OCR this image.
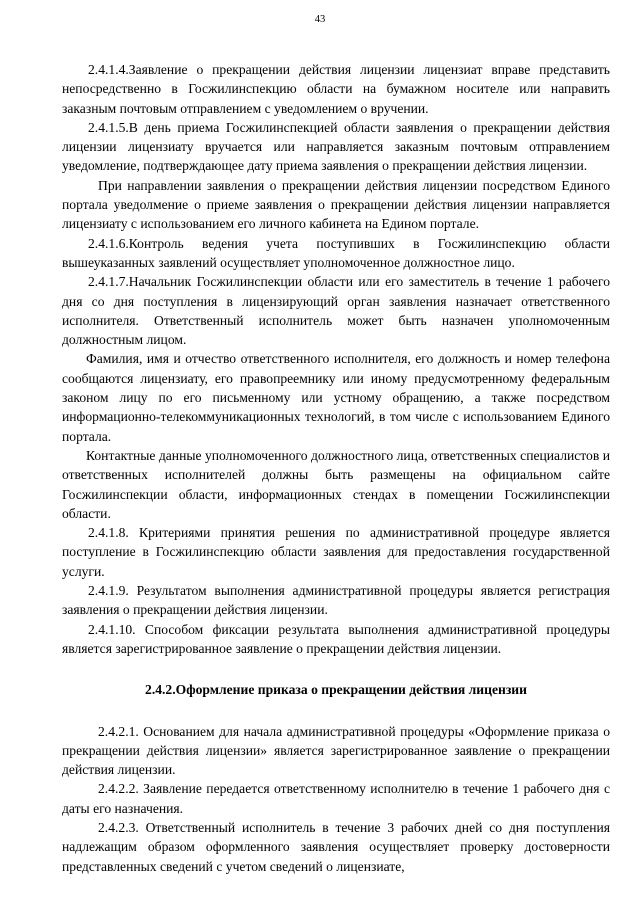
43

2.4.1.4.Заявление о прекращении действия лицензии лицензиат вправе представить непосредственно в Госжилинспекцию области на бумажном носителе или направить заказным почтовым отправлением с уведомлением о вручении.

2.4.1.5.В день приема Госжилинспекцией области заявления о прекращении действия лицензии лицензиату вручается или направляется заказным почтовым отправлением уведомление, подтверждающее дату приема заявления о прекращении действия лицензии.

При направлении заявления о прекращении действия лицензии посредством Единого портала уведолмение о приеме заявления о прекращении действия лицензии направляется лицензиату с использованием его личного кабинета на Едином портале.

2.4.1.6.Контроль ведения учета поступивших в Госжилинспекцию области вышеуказанных заявлений осуществляет уполномоченное должностное лицо.

2.4.1.7.Начальник Госжилинспекции области или его заместитель в течение 1 рабочего дня со дня поступления в лицензирующий орган заявления назначает ответственного исполнителя. Ответственный исполнитель может быть назначен уполномоченным должностным лицом.

Фамилия, имя и отчество ответственного исполнителя, его должность и номер телефона сообщаются лицензиату, его правопреемнику или иному предусмотренному федеральным законом лицу по его письменному или устному обращению, а также посредством информационно-телекоммуникационных технологий, в том числе с использованием Единого портала.

Контактные данные уполномоченного должностного лица, ответственных специалистов и ответственных исполнителей должны быть размещены на официальном сайте Госжилинспекции области, информационных стендах в помещении Госжилинспекции области.

2.4.1.8. Критериями принятия решения по административной процедуре является поступление в Госжилинспекцию области заявления для предоставления государственной услуги.

2.4.1.9. Результатом выполнения административной процедуры является регистрация заявления о прекращении действия лицензии.

2.4.1.10. Способом фиксации результата выполнения административной процедуры является зарегистрированное заявление о прекращении действия лицензии.

2.4.2.Оформление приказа о прекращении действия лицензии

2.4.2.1. Основанием для начала административной процедуры «Оформление приказа о прекращении действия лицензии» является зарегистрированное заявление о прекращении действия лицензии.

2.4.2.2. Заявление передается ответственному исполнителю в течение 1 рабочего дня с даты его назначения.

2.4.2.3. Ответственный исполнитель в течение 3 рабочих дней со дня поступления надлежащим образом оформленного заявления осуществляет проверку достоверности представленных сведений с учетом сведений о лицензиате,
